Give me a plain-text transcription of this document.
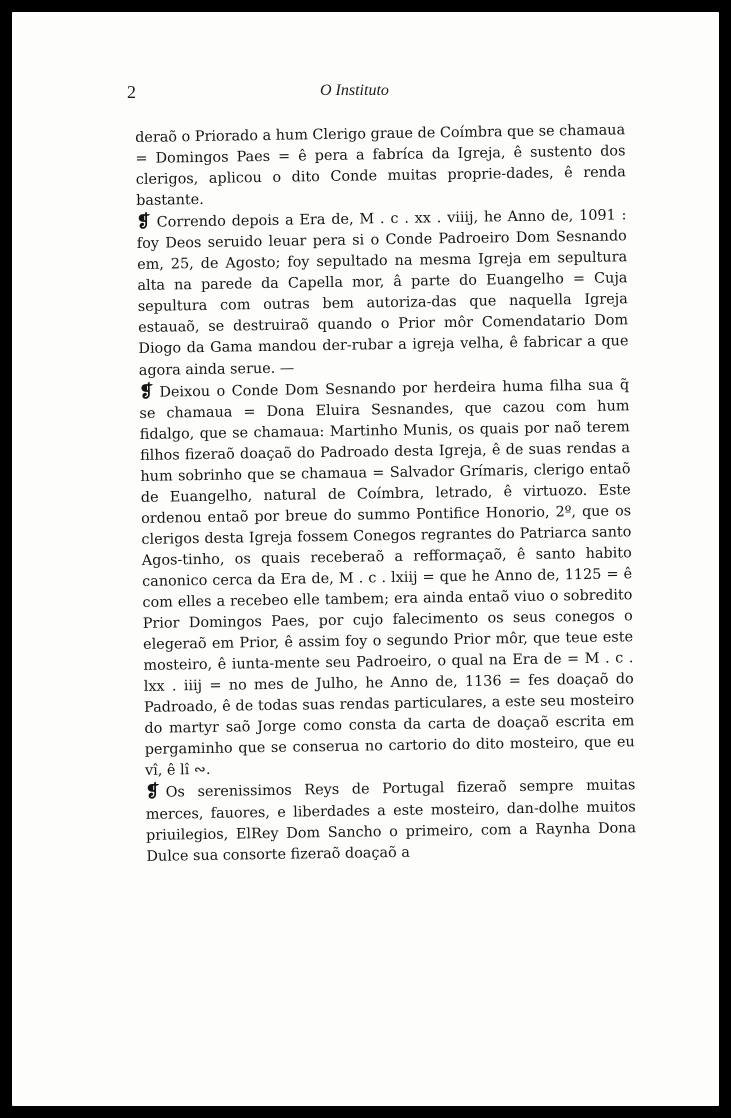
2	O Instituto

deraõ o Priorado a hum Clerigo graue de Coímbra que se chamaua = Domingos Paes = ê pera a fabríca da Igreja, ê sustento dos clerigos, aplicou o dito Conde muitas proprie-dades, ê renda bastante.

❡ Correndo depois a Era de, M . c . xx . viiij, he Anno de, 1091 : foy Deos seruido leuar pera si o Conde Padroeiro Dom Sesnando em, 25, de Agosto; foy sepultado na mesma Igreja em sepultura alta na parede da Capella mor, â parte do Euangelho = Cuja sepultura com outras bem autoriza-das que naquella Igreja estauaõ, se destruiraõ quando o Prior môr Comendatario Dom Diogo da Gama mandou der-rubar a igreja velha, ê fabricar a que agora ainda serue. —

❡ Deixou o Conde Dom Sesnando por herdeira huma filha sua q̃ se chamaua = Dona Eluira Sesnandes, que cazou com hum fidalgo, que se chamaua: Martinho Munis, os quais por naõ terem filhos fizeraõ doaçaõ do Padroado desta Igreja, ê de suas rendas a hum sobrinho que se chamaua = Salvador Grímaris, clerigo entaõ de Euangelho, natural de Coímbra, letrado, ê virtuozo. Este ordenou entaõ por breue do summo Pontifice Honorio, 2º, que os clerigos desta Igreja fossem Conegos regrantes do Patriarca santo Agos-tinho, os quais receberaõ a refformaçaõ, ê santo habito canonico cerca da Era de, M . c . lxiij = que he Anno de, 1125 = ê com elles a recebeo elle tambem; era ainda entaõ viuo o sobredito Prior Domingos Paes, por cujo falecimento os seus conegos o elegeraõ em Prior, ê assim foy o segundo Prior môr, que teue este mosteiro, ê iunta-mente seu Padroeiro, o qual na Era de = M . c . lxx . iiij = no mes de Julho, he Anno de, 1136 = fes doaçaõ do Padroado, ê de todas suas rendas particulares, a este seu mosteiro do martyr saõ Jorge como consta da carta de doaçaõ escrita em pergaminho que se conserua no cartorio do dito mosteiro, que eu vî, ê lî ∾.

❡ Os serenissimos Reys de Portugal fizeraõ sempre muitas merces, fauores, e liberdades a este mosteiro, dan-dolhe muitos priuilegios, ElRey Dom Sancho o primeiro, com a Raynha Dona Dulce sua consorte fizeraõ doaçaõ a
